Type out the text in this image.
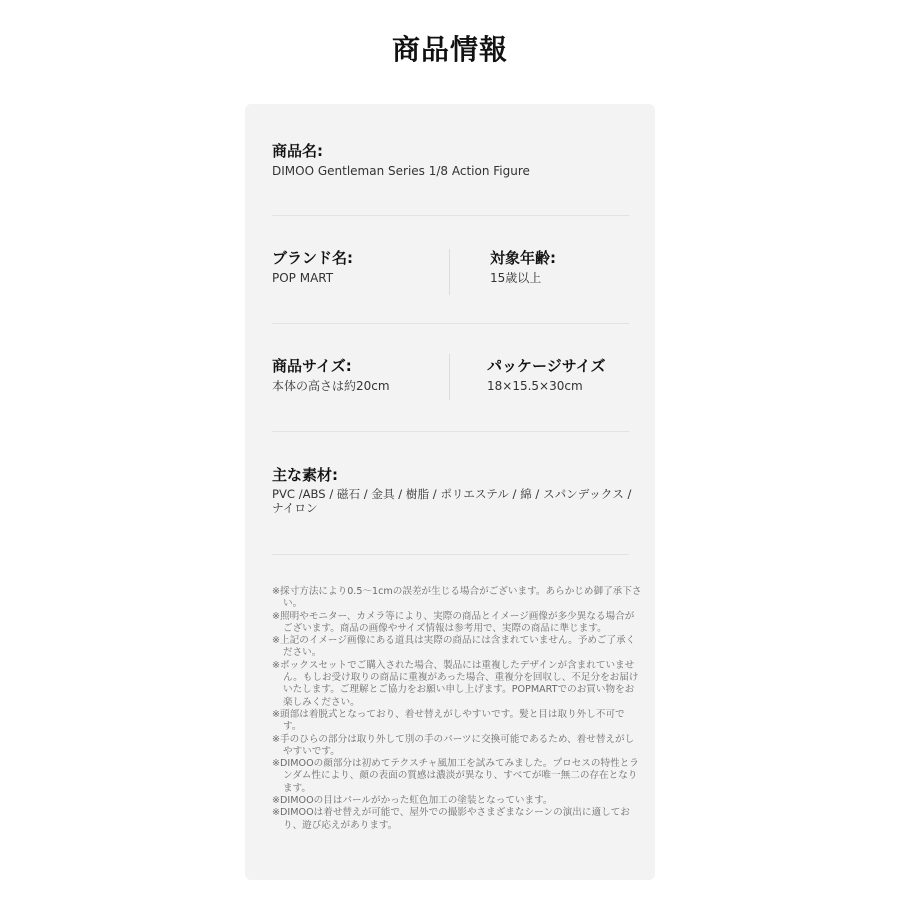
商品情報
商品名:
DIMOO Gentleman Series 1/8 Action Figure
ブランド名:
POP MART
対象年齢:
15歳以上
商品サイズ:
本体の高さは約20cm
パッケージサイズ
18×15.5×30cm
主な素材:
PVC /ABS / 磁石 / 金具 / 樹脂 / ポリエステル / 綿 / スパンデックス / ナイロン

※採寸方法により0.5〜1cmの誤差が生じる場合がございます。あらかじめ御了承下さい。

※照明やモニター、カメラ等により、実際の商品とイメージ画像が多少異なる場合がございます。商品の画像やサイズ情報は参考用で、実際の商品に準じます。

※上記のイメージ画像にある道具は実際の商品には含まれていません。予めご了承ください。

※ボックスセットでご購入された場合、製品には重複したデザインが含まれていません。もしお受け取りの商品に重複があった場合、重複分を回収し、不足分をお届けいたします。ご理解とご協力をお願い申し上げます。POPMARTでのお買い物をお楽しみください。

※頭部は着脱式となっており、着せ替えがしやすいです。髪と目は取り外し不可です。

※手のひらの部分は取り外して別の手のパーツに交換可能であるため、着せ替えがしやすいです。

※DIMOOの顔部分は初めてテクスチャ風加工を試みてみました。プロセスの特性とランダム性により、顔の表面の質感は濃淡が異なり、すべてが唯一無二の存在となります。

※DIMOOの目はパールがかった虹色加工の塗装となっています。

※DIMOOは着せ替えが可能で、屋外での撮影やさまざまなシーンの演出に適しており、遊び応えがあります。
